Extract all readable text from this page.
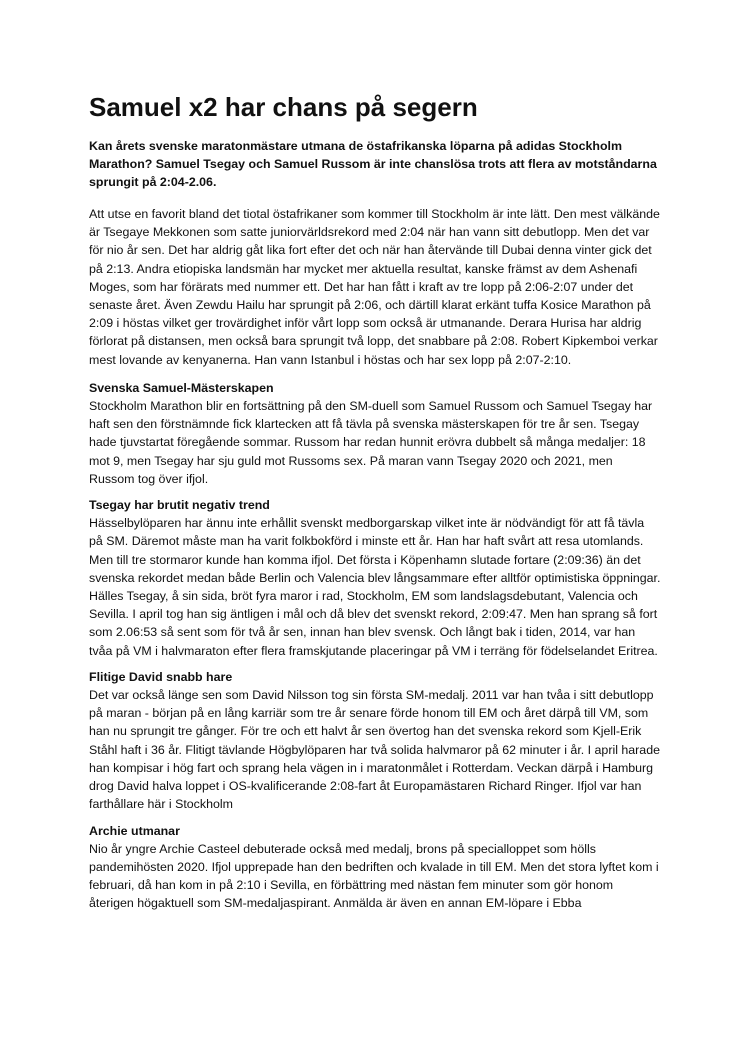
Samuel x2 har chans på segern

Kan årets svenske maratonmästare utmana de östafrikanska löparna på adidas Stockholm Marathon? Samuel Tsegay och Samuel Russom är inte chanslösa trots att flera av motståndarna sprungit på 2:04-2.06.

Att utse en favorit bland det tiotal östafrikaner som kommer till Stockholm är inte lätt. Den mest välkände är Tsegaye Mekkonen som satte juniorvärldsrekord med 2:04 när han vann sitt debutlopp. Men det var för nio år sen. Det har aldrig gåt lika fort efter det och när han återvände till Dubai denna vinter gick det på 2:13. Andra etiopiska landsmän har mycket mer aktuella resultat, kanske främst av dem Ashenafi Moges, som har förärats med nummer ett. Det har han fått i kraft av tre lopp på 2:06-2:07 under det senaste året. Även Zewdu Hailu har sprungit på 2:06, och därtill klarat erkänt tuffa Kosice Marathon på 2:09 i höstas vilket ger trovärdighet inför vårt lopp som också är utmanande. Derara Hurisa har aldrig förlorat på distansen, men också bara sprungit två lopp, det snabbare på 2:08. Robert Kipkemboi verkar mest lovande av kenyanerna. Han vann Istanbul i höstas och har sex lopp på 2:07-2:10.

Svenska Samuel-Mästerskapen

Stockholm Marathon blir en fortsättning på den SM-duell som Samuel Russom och Samuel Tsegay har haft sen den förstnämnde fick klartecken att få tävla på svenska mästerskapen för tre år sen. Tsegay hade tjuvstartat föregående sommar. Russom har redan hunnit erövra dubbelt så många medaljer: 18 mot 9, men Tsegay har sju guld mot Russoms sex. På maran vann Tsegay 2020 och 2021, men Russom tog över ifjol.

Tsegay har brutit negativ trend

Hässelbylöparen har ännu inte erhållit svenskt medborgarskap vilket inte är nödvändigt för att få tävla på SM. Däremot måste man ha varit folkbokförd i minste ett år. Han har haft svårt att resa utomlands. Men till tre stormaror kunde han komma ifjol. Det första i Köpenhamn slutade fortare (2:09:36) än det svenska rekordet medan både Berlin och Valencia blev långsammare efter alltför optimistiska öppningar. Hälles Tsegay, å sin sida, bröt fyra maror i rad, Stockholm, EM som landslagsdebutant, Valencia och Sevilla. I april tog han sig äntligen i mål och då blev det svenskt rekord, 2:09:47. Men han sprang så fort som 2.06:53 så sent som för två år sen, innan han blev svensk. Och långt bak i tiden, 2014, var han tvåa på VM i halvmaraton efter flera framskjutande placeringar på VM i terräng för födelselandet Eritrea.

Flitige David snabb hare

Det var också länge sen som David Nilsson tog sin första SM-medalj. 2011 var han tvåa i sitt debutlopp på maran - början på en lång karriär som tre år senare förde honom till EM och året därpå till VM, som han nu sprungit tre gånger. För tre och ett halvt år sen övertog han det svenska rekord som Kjell-Erik Ståhl haft i 36 år. Flitigt tävlande Högbylöparen har två solida halvmaror på 62 minuter i år. I april harade han kompisar i hög fart och sprang hela vägen in i maratonmålet i Rotterdam. Veckan därpå i Hamburg drog David halva loppet i OS-kvalificerande 2:08-fart åt Europamästaren Richard Ringer. Ifjol var han farthållare här i Stockholm

Archie utmanar

Nio år yngre Archie Casteel debuterade också med medalj, brons på specialloppet som hölls pandemihösten 2020. Ifjol upprepade han den bedriften och kvalade in till EM. Men det stora lyftet kom i februari, då han kom in på 2:10 i Sevilla, en förbättring med nästan fem minuter som gör honom återigen högaktuell som SM-medaljaspirant. Anmälda är även en annan EM-löpare i Ebba
